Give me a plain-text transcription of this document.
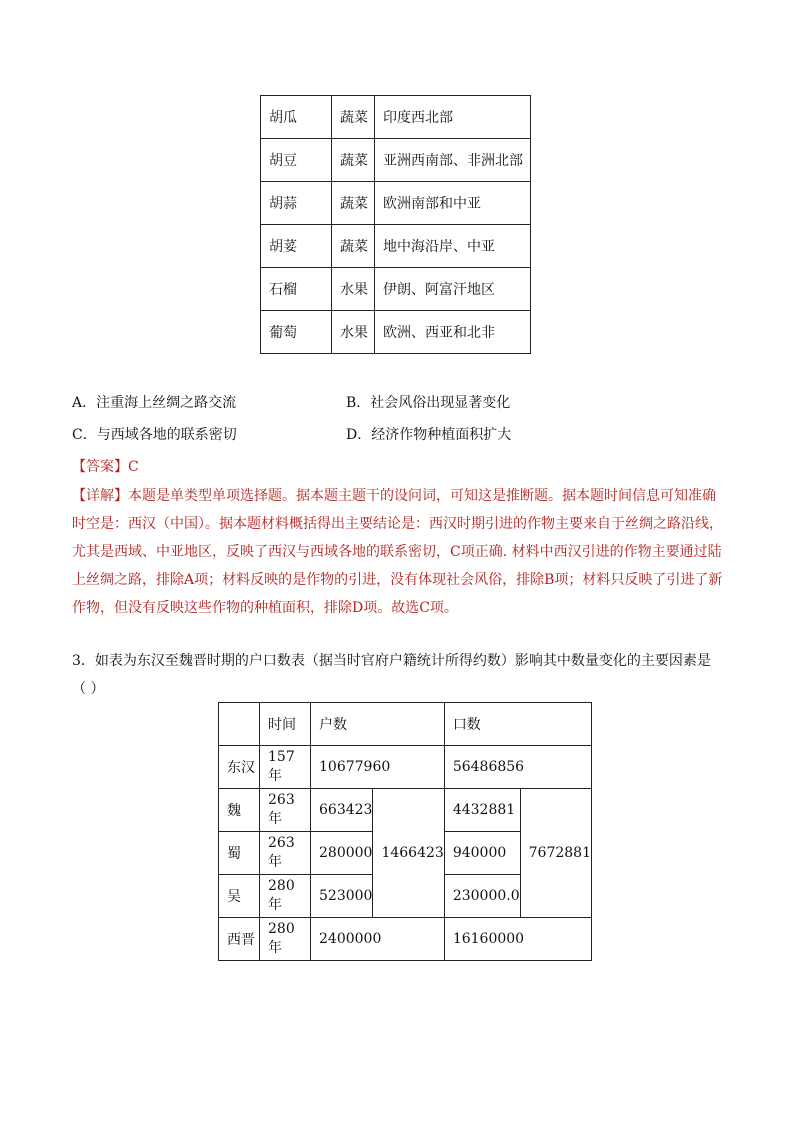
胡瓜	蔬菜	印度西北部
胡豆	蔬菜	亚洲西南部、非洲北部
胡蒜	蔬菜	欧洲南部和中亚
胡荽	蔬菜	地中海沿岸、中亚
石榴	水果	伊朗、阿富汗地区
葡萄	水果	欧洲、西亚和北非
A．注重海上丝绸之路交流	B．社会风俗出现显著变化
C．与西域各地的联系密切	D．经济作物种植面积扩大
【答案】C
【详解】本题是单类型单项选择题。据本题主题干的设问词，可知这是推断题。据本题时间信息可知准确时空是：西汉（中国）。据本题材料概括得出主要结论是：西汉时期引进的作物主要来自于丝绸之路沿线，尤其是西域、中亚地区，反映了西汉与西域各地的联系密切，C项正确. 材料中西汉引进的作物主要通过陆上丝绸之路，排除A项；材料反映的是作物的引进，没有体现社会风俗，排除B项；材料只反映了引进了新作物，但没有反映这些作物的种植面积，排除D项。故选C项。
3．如表为东汉至魏晋时期的户口数表（据当时官府户籍统计所得约数）影响其中数量变化的主要因素是
（ ）
	时间	户数		口数	
东汉	157 年	10677960		56486856	
魏	263 年	663423	1466423	4432881	7672881
蜀	263 年	280000		940000	
吴	280 年	523000		230000.0	
西晋	280 年	2400000		16160000	
